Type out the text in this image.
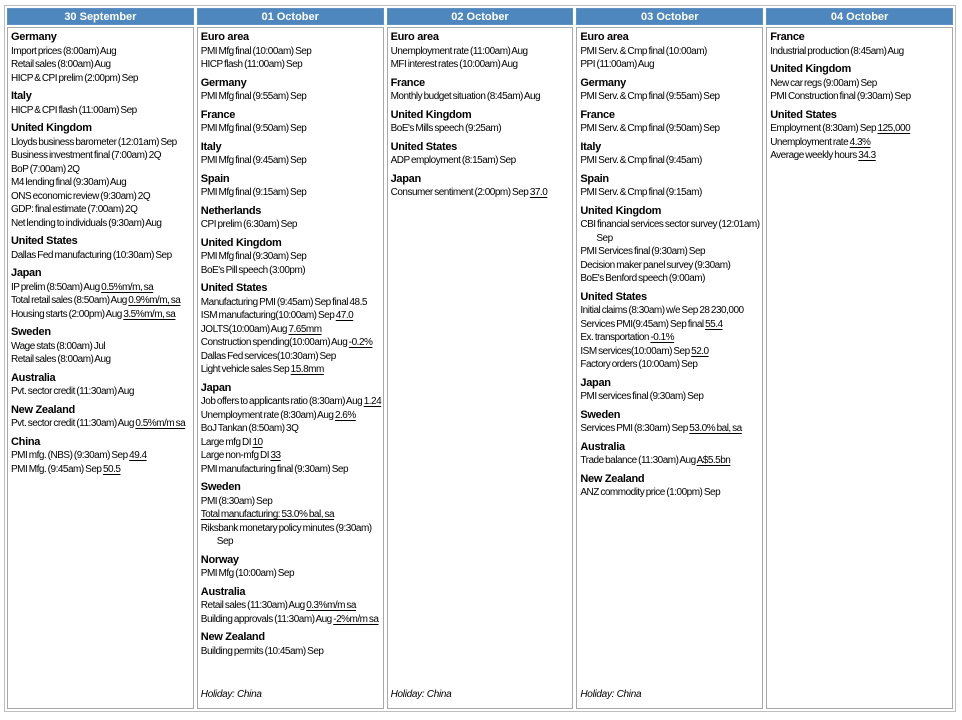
30 September
Germany
Import prices (8:00am) Aug
Retail sales (8:00am) Aug
HICP & CPI prelim (2:00pm) Sep
Italy
HICP & CPI flash (11:00am) Sep
United Kingdom
Lloyds business barometer (12:01am) Sep
Business investment final (7:00am) 2Q
BoP (7:00am) 2Q
M4 lending final (9:30am) Aug
ONS economic review (9:30am) 2Q
GDP: final estimate (7:00am) 2Q
Net lending to individuals (9:30am) Aug
United States
Dallas Fed manufacturing (10:30am) Sep
Japan
IP prelim (8:50am) Aug 0.5%m/m, sa
Total retail sales (8:50am) Aug 0.9%m/m, sa
Housing starts (2:00pm) Aug 3.5%m/m, sa
Sweden
Wage stats (8:00am) Jul
Retail sales (8:00am) Aug
Australia
Pvt. sector credit (11:30am) Aug
New Zealand
Pvt. sector credit (11:30am) Aug 0.5%m/m sa
China
PMI mfg. (NBS) (9:30am) Sep 49.4
PMI Mfg. (9:45am) Sep 50.5
01 October
Euro area
PMI Mfg final (10:00am) Sep
HICP flash (11:00am) Sep
Germany
PMI Mfg final (9:55am) Sep
France
PMI Mfg final (9:50am) Sep
Italy
PMI Mfg final (9:45am) Sep
Spain
PMI Mfg final (9:15am) Sep
Netherlands
CPI prelim (6:30am) Sep
United Kingdom
PMI Mfg final (9:30am) Sep
BoE's Pill speech (3:00pm)
United States
Manufacturing PMI (9:45am) Sep final 48.5
ISM manufacturing(10:00am) Sep 47.0
JOLTS(10:00am) Aug 7.65mm
Construction spending(10:00am) Aug -0.2%
Dallas Fed services(10:30am) Sep
Light vehicle sales Sep 15.8mm
Japan
Job offers to applicants ratio (8:30am) Aug 1.24
Unemployment rate (8:30am) Aug 2.6%
BoJ Tankan (8:50am) 3Q
Large mfg DI 10
Large non-mfg DI 33
PMI manufacturing final (9:30am) Sep
Sweden
PMI (8:30am) Sep
Total manufacturing: 53.0% bal, sa
Riksbank monetary policy minutes (9:30am) Sep
Norway
PMI Mfg (10:00am) Sep
Australia
Retail sales (11:30am) Aug 0.3%m/m sa
Building approvals (11:30am) Aug -2%m/m sa
New Zealand
Building permits (10:45am) Sep
Holiday: China
02 October
Euro area
Unemployment rate (11:00am) Aug
MFI interest rates (10:00am) Aug
France
Monthly budget situation (8:45am) Aug
United Kingdom
BoE's Mills speech (9:25am)
United States
ADP employment (8:15am) Sep
Japan
Consumer sentiment (2:00pm) Sep 37.0
Holiday: China
03 October
Euro area
PMI Serv. & Cmp final (10:00am)
PPI (11:00am) Aug
Germany
PMI Serv. & Cmp final (9:55am) Sep
France
PMI Serv. & Cmp final (9:50am) Sep
Italy
PMI Serv. & Cmp final (9:45am)
Spain
PMI Serv. & Cmp final (9:15am)
United Kingdom
CBI financial services sector survey (12:01am) Sep
PMI Services final (9:30am) Sep
Decision maker panel survey (9:30am)
BoE's Benford speech (9:00am)
United States
Initial claims (8:30am) w/e Sep 28 230,000
Services PMI(9:45am) Sep final 55.4
Ex. transportation -0.1%
ISM services(10:00am) Sep 52.0
Factory orders (10:00am) Sep
Japan
PMI services final (9:30am) Sep
Sweden
Services PMI (8:30am) Sep 53.0% bal, sa
Australia
Trade balance (11:30am) Aug A$5.5bn
New Zealand
ANZ commodity price (1:00pm) Sep
Holiday: China
04 October
France
Industrial production (8:45am) Aug
United Kingdom
New car regs (9:00am) Sep
PMI Construction final (9:30am) Sep
United States
Employment (8:30am) Sep 125,000
Unemployment rate 4.3%
Average weekly hours 34.3
